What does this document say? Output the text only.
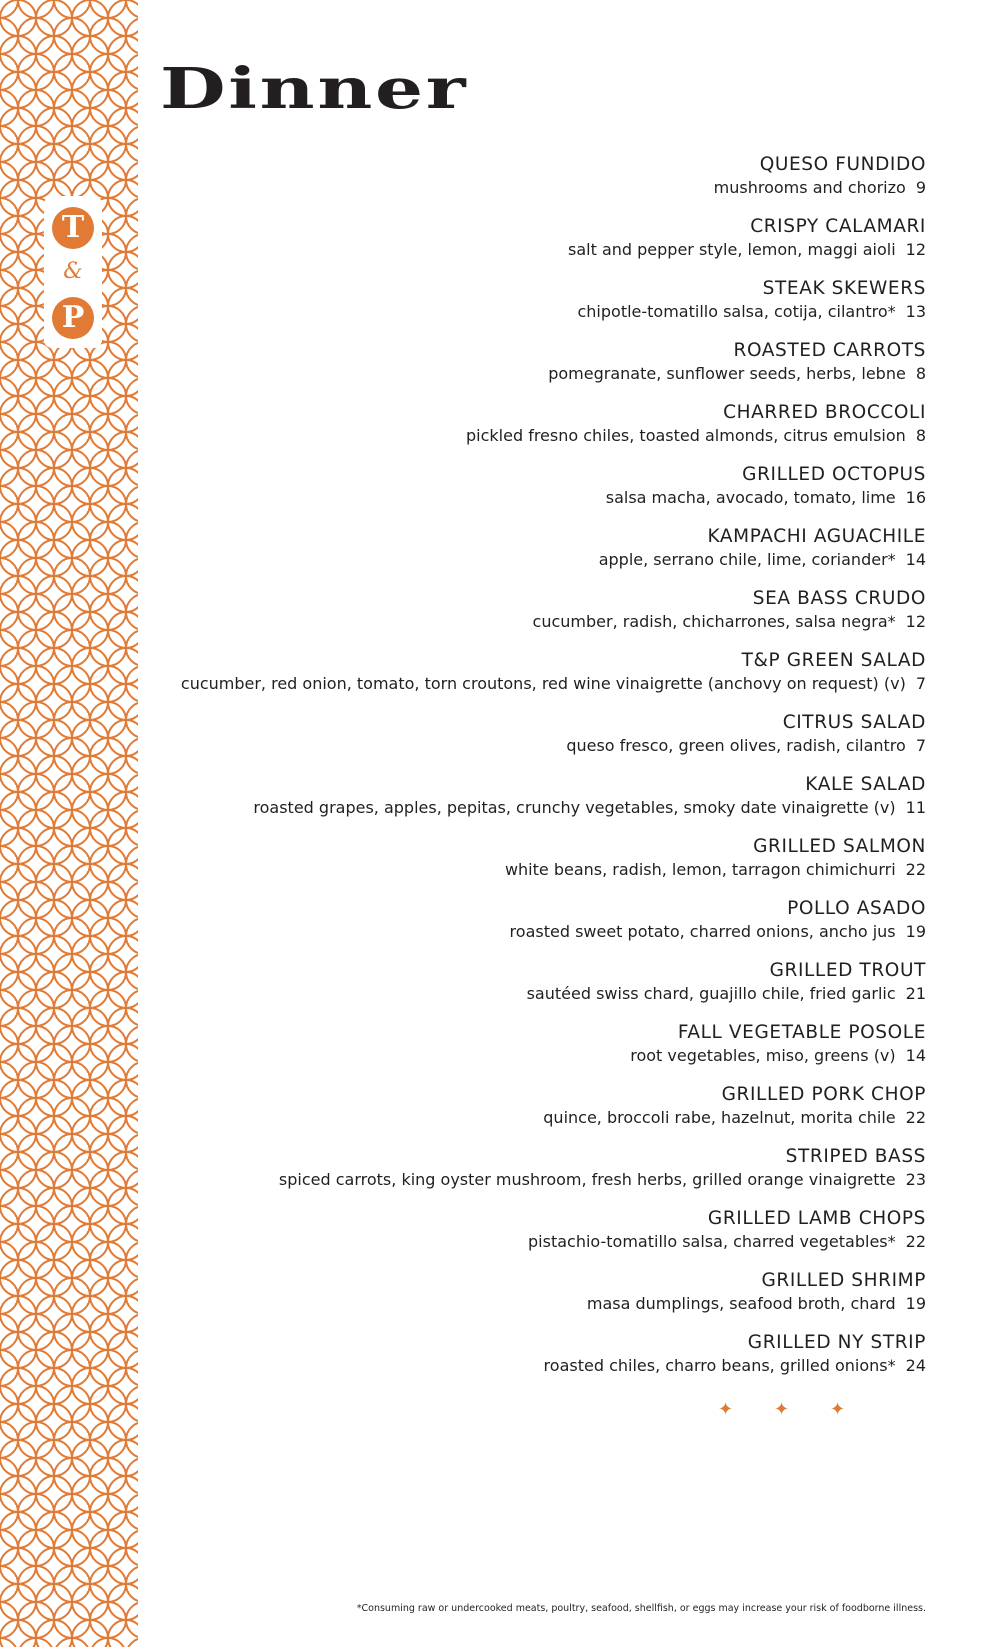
T
&
P
Dinner
QUESO FUNDIDO
mushrooms and chorizo 9
CRISPY CALAMARI
salt and pepper style, lemon, maggi aioli 12
STEAK SKEWERS
chipotle-tomatillo salsa, cotija, cilantro* 13
ROASTED CARROTS
pomegranate, sunflower seeds, herbs, lebne 8
CHARRED BROCCOLI
pickled fresno chiles, toasted almonds, citrus emulsion 8
GRILLED OCTOPUS
salsa macha, avocado, tomato, lime 16
KAMPACHI AGUACHILE
apple, serrano chile, lime, coriander* 14
SEA BASS CRUDO
cucumber, radish, chicharrones, salsa negra* 12
T&P GREEN SALAD
cucumber, red onion, tomato, torn croutons, red wine vinaigrette (anchovy on request) (v) 7
CITRUS SALAD
queso fresco, green olives, radish, cilantro 7
KALE SALAD
roasted grapes, apples, pepitas, crunchy vegetables, smoky date vinaigrette (v) 11
GRILLED SALMON
white beans, radish, lemon, tarragon chimichurri 22
POLLO ASADO
roasted sweet potato, charred onions, ancho jus 19
GRILLED TROUT
sautéed swiss chard, guajillo chile, fried garlic 21
FALL VEGETABLE POSOLE
root vegetables, miso, greens (v) 14
GRILLED PORK CHOP
quince, broccoli rabe, hazelnut, morita chile 22
STRIPED BASS
spiced carrots, king oyster mushroom, fresh herbs, grilled orange vinaigrette 23
GRILLED LAMB CHOPS
pistachio-tomatillo salsa, charred vegetables* 22
GRILLED SHRIMP
masa dumplings, seafood broth, chard 19
GRILLED NY STRIP
roasted chiles, charro beans, grilled onions* 24
✦ ✦ ✦
*Consuming raw or undercooked meats, poultry, seafood, shellfish, or eggs may increase your risk of foodborne illness.
